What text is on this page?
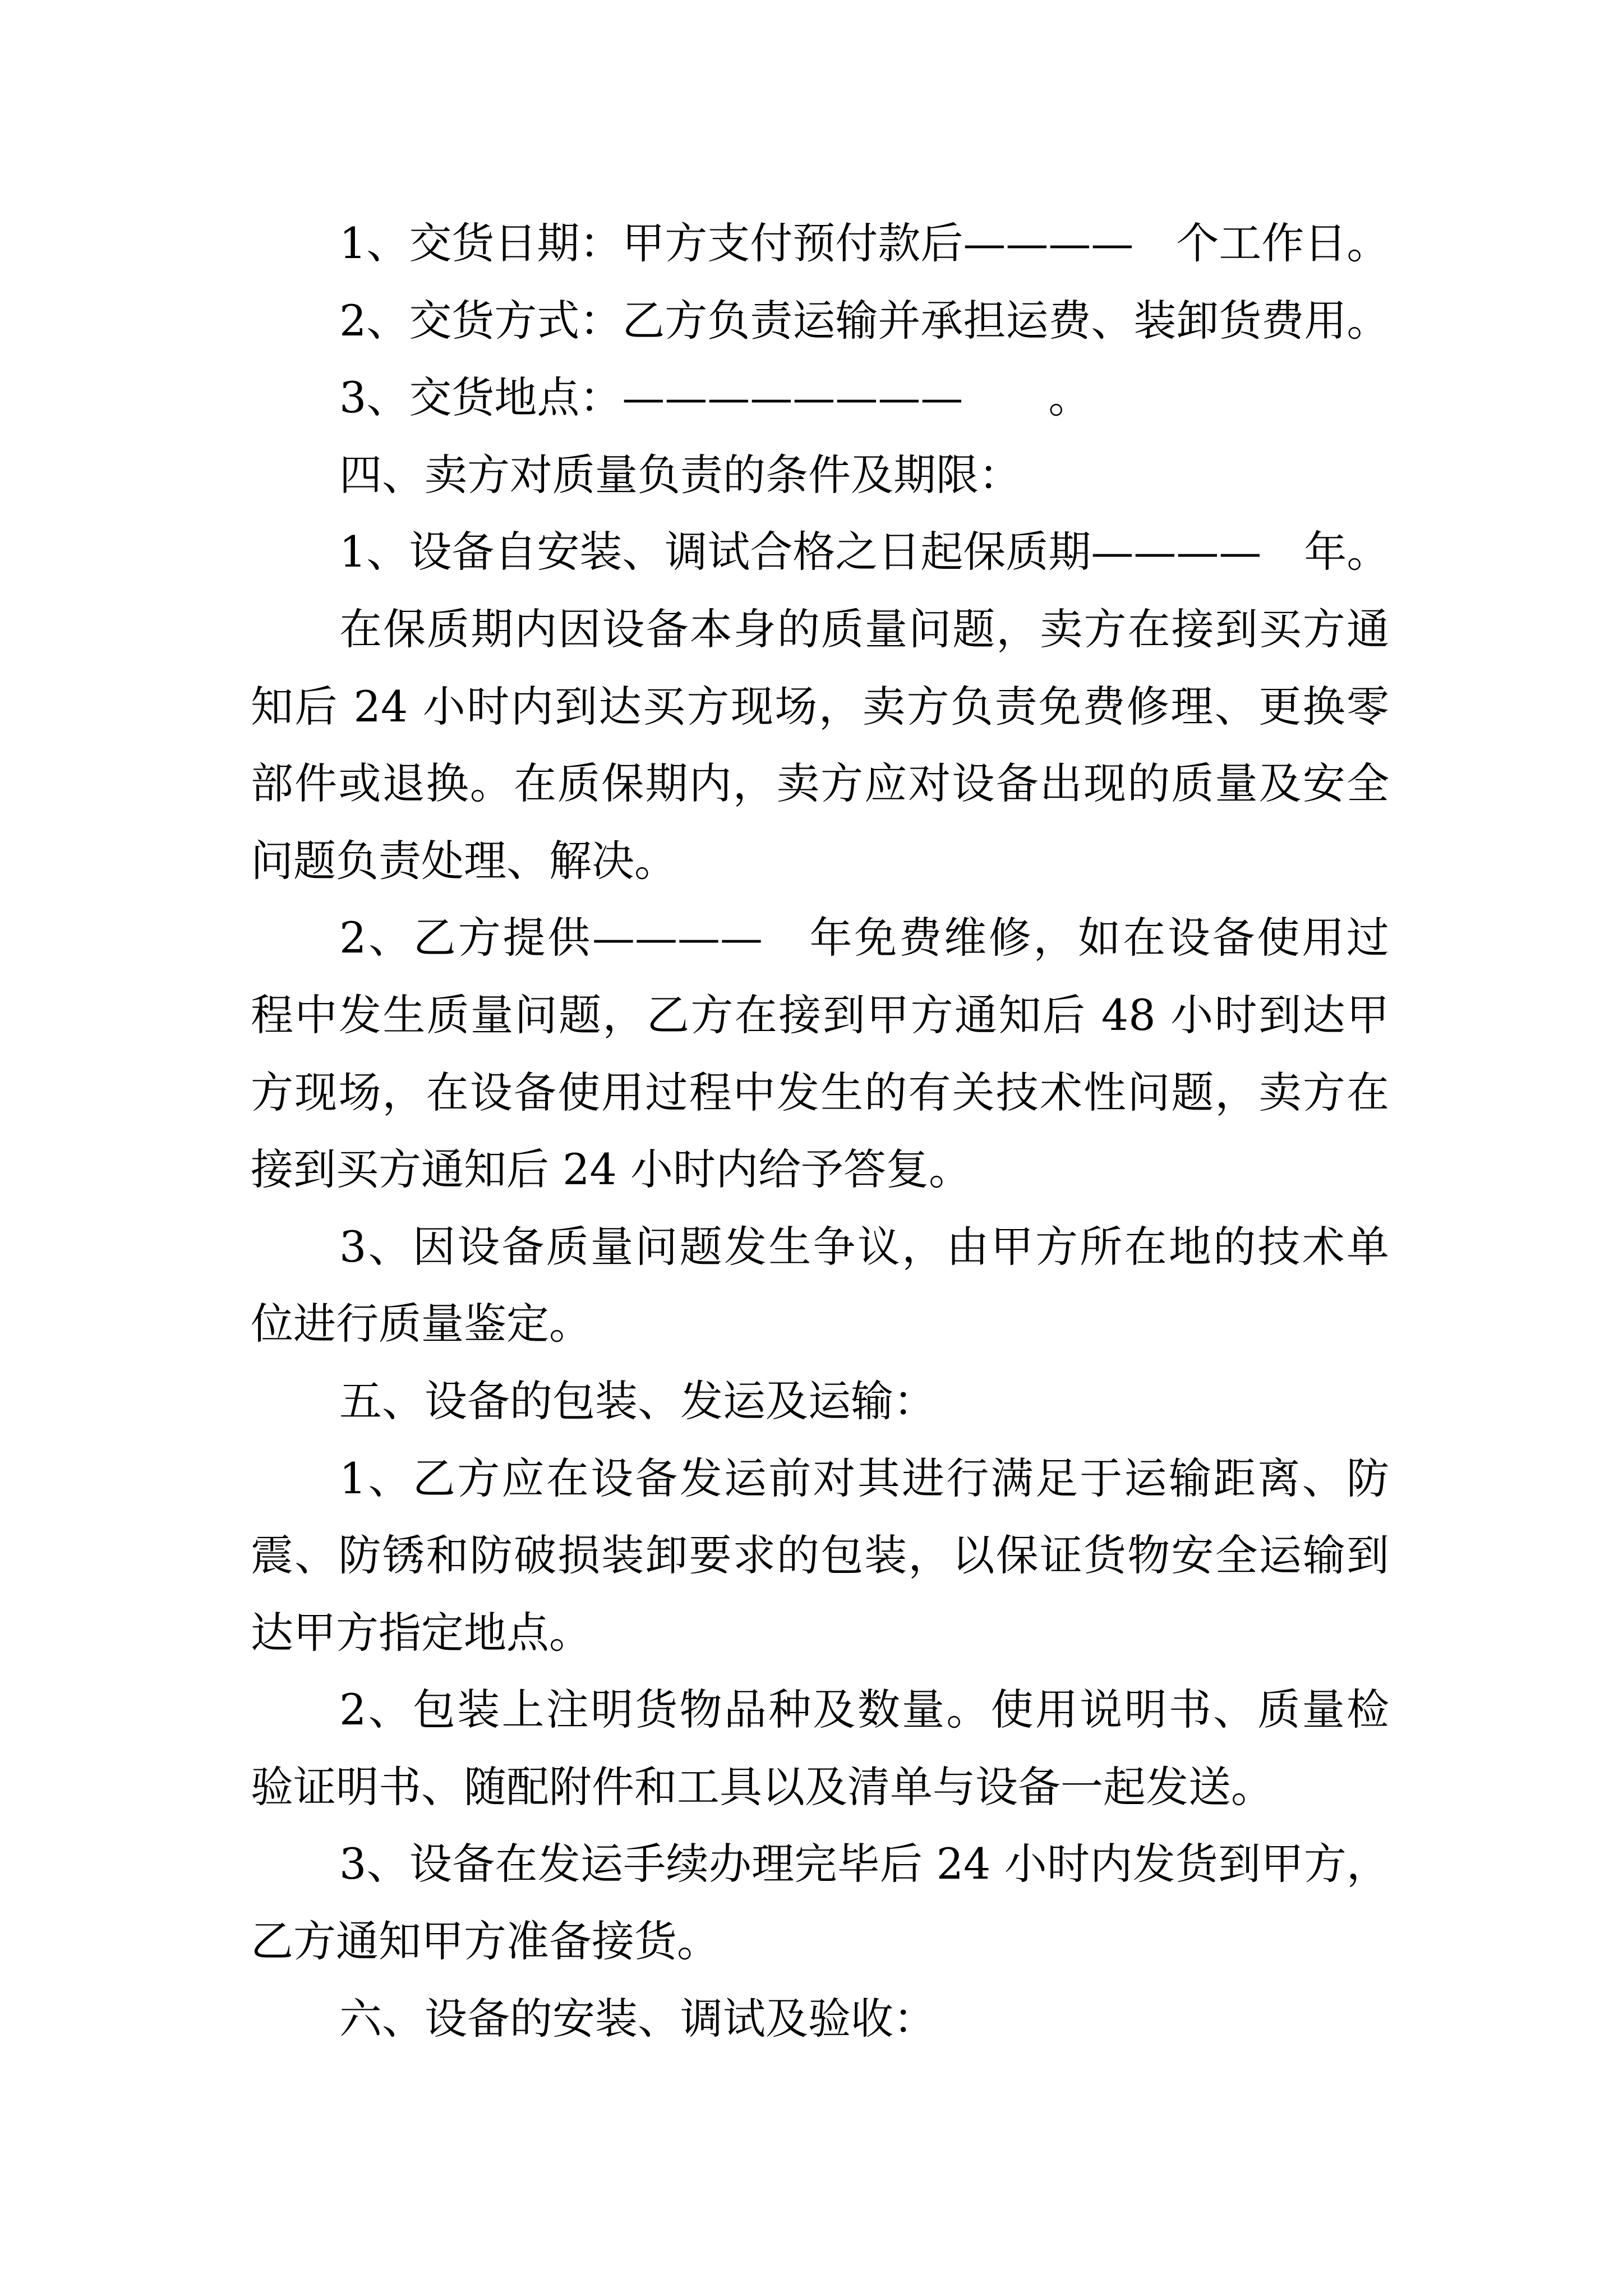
1、交货日期：甲方支付预付款后————　个工作日。
2、交货方式：乙方负责运输并承担运费、装卸货费用。
3、交货地点：————————　　。
四、卖方对质量负责的条件及期限：
1、设备自安装、调试合格之日起保质期————　年。
在保质期内因设备本身的质量问题，卖方在接到买方通
知后 24 小时内到达买方现场，卖方负责免费修理、更换零
部件或退换。在质保期内，卖方应对设备出现的质量及安全
问题负责处理、解决。
2、乙方提供————　年免费维修，如在设备使用过
程中发生质量问题，乙方在接到甲方通知后 48 小时到达甲
方现场，在设备使用过程中发生的有关技术性问题，卖方在
接到买方通知后 24 小时内给予答复。
3、因设备质量问题发生争议，由甲方所在地的技术单
位进行质量鉴定。
五、设备的包装、发运及运输：
1、乙方应在设备发运前对其进行满足于运输距离、防
震、防锈和防破损装卸要求的包装，以保证货物安全运输到
达甲方指定地点。
2、包装上注明货物品种及数量。使用说明书、质量检
验证明书、随配附件和工具以及清单与设备一起发送。
3、设备在发运手续办理完毕后 24 小时内发货到甲方，
乙方通知甲方准备接货。
六、设备的安装、调试及验收：
